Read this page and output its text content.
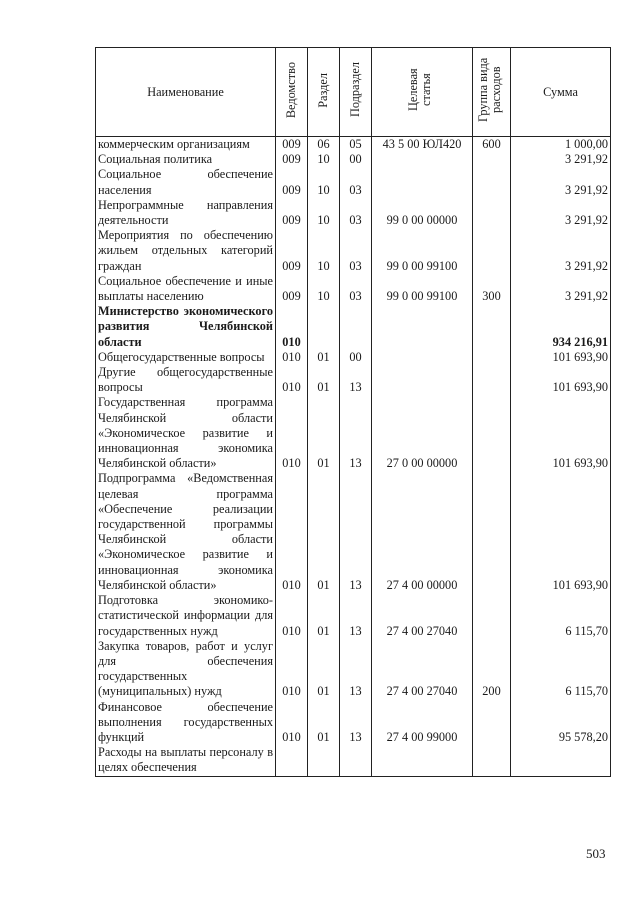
Наименование	Ведомство	Раздел	Подраздел	Целевая статья	Группа вида расходов	Сумма
коммерческим организациям	009	06	05	43 5 00 ЮЛ420	600	1 000,00
Социальная политика	009	10	00			3 291,92
Социальное обеспечение населения	009	10	03			3 291,92
Непрограммные направления деятельности	009	10	03	99 0 00 00000		3 291,92
Мероприятия по обеспечению жильем отдельных категорий граждан	009	10	03	99 0 00 99100		3 291,92
Социальное обеспечение и иные выплаты населению	009	10	03	99 0 00 99100	300	3 291,92
Министерство экономического развития Челябинской области	010					934 216,91
Общегосударственные вопросы	010	01	00			101 693,90
Другие общегосударственные вопросы	010	01	13			101 693,90
Государственная программа Челябинской области «Экономическое развитие и инновационная экономика Челябинской области»	010	01	13	27 0 00 00000		101 693,90
Подпрограмма «Ведомственная целевая программа «Обеспечение реализации государственной программы Челябинской области «Экономическое развитие и инновационная экономика Челябинской области»	010	01	13	27 4 00 00000		101 693,90
Подготовка экономико-статистической информации для государственных нужд	010	01	13	27 4 00 27040		6 115,70
Закупка товаров, работ и услуг для обеспечения государственных (муниципальных) нужд	010	01	13	27 4 00 27040	200	6 115,70
Финансовое обеспечение выполнения государственных функций	010	01	13	27 4 00 99000		95 578,20
Расходы на выплаты персоналу в целях обеспечения						
503
